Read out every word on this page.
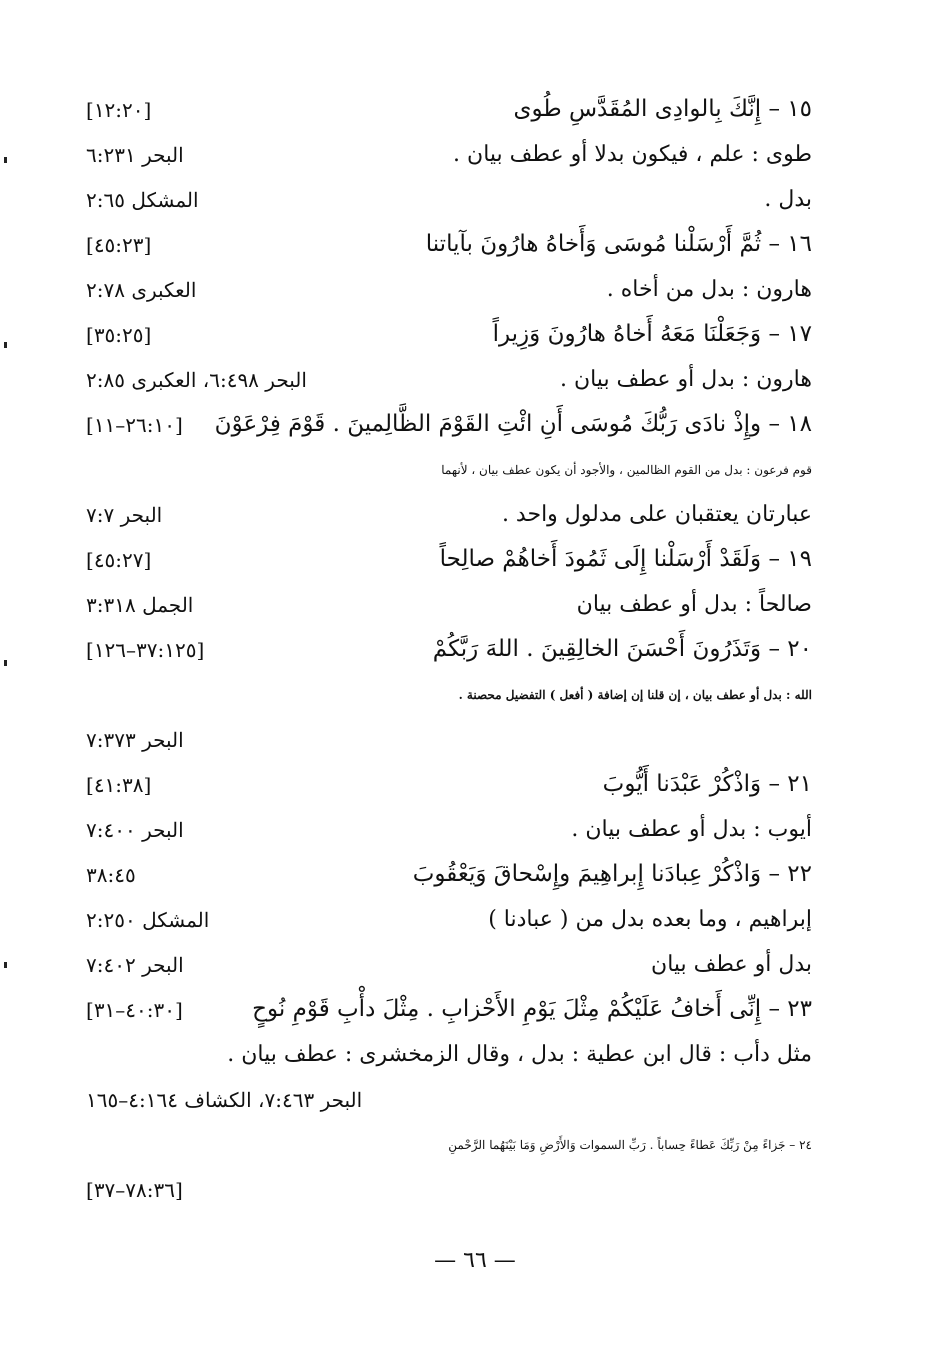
[١٢:٢٠]	١٥ – إِنَّكَ بِالوادِى المُقَدَّسِ طُوى
البحر ٦:٢٣١	طوى : علم ، فيكون بدلا أو عطف بيان .
المشكل ٢:٦٥	بدل .
[٤٥:٢٣]	١٦ – ثُمَّ أَرْسَلْنا مُوسَى وَأَخاهُ هارُونَ بآياتنا
العكبرى ٢:٧٨	هارون : بدل من أخاه .
[٣٥:٢٥]	١٧ – وَجَعَلْنَا مَعَهُ أَخاهُ هارُونَ وَزِيراً
البحر ٦:٤٩٨، العكبرى ٢:٨٥	هارون : بدل أو عطف بيان .
[٢٦:١٠–١١] ١٨ – وإِذْ نادَى رَبُّكَ مُوسَى أَنِ ائْتِ القَوْمَ الظَّالِمينَ . قَوْمَ فِرْعَوْنَ
قوم فرعون : بدل من القوم الظالمين ، والأجود أن يكون عطف بيان ، لأنهما
البحر ٧:٧	عبارتان يعتقبان على مدلول واحد .
[٤٥:٢٧]	١٩ – وَلَقَدْ أَرْسَلْنا إِلَى ثَمُودَ أَخاهُمْ صالِحاً
الجمل ٣:٣١٨	صالحاً : بدل أو عطف بيان
[٣٧:١٢٥–١٢٦]	٢٠ – وَتَذَرُونَ أَحْسَنَ الخالِقِينَ . اللهَ رَبَّكُمْ
الله : بدل أو عطف بيان ، إن قلنا إن إضافة ( أفعل ) التفضيل محصنة .
البحر ٧:٣٧٣
[٤١:٣٨]	٢١ – وَاذْكُرْ عَبْدَنا أَيُّوبَ
البحر ٧:٤٠٠	أيوب : بدل أو عطف بيان .
٣٨:٤٥	٢٢ – وَاذْكُرْ عِبادَنا إِبراهِيمَ وإِسْحاقَ وَيَعْقُوبَ
المشكل ٢:٢٥٠	إبراهيم ، وما بعده بدل من ( عبادنا )
البحر ٧:٤٠٢	بدل أو عطف بيان
[٤٠:٣٠–٣١]	٢٣ – إِنِّى أَخافُ عَلَيْكُمْ مِثْلَ يَوْمِ الأَحْزابِ . مِثْلَ دأْبِ قَوْمِ نُوحٍ
مثل دأب : قال ابن عطية : بدل ، وقال الزمخشرى : عطف بيان .
البحر ٧:٤٦٣، الكشاف ٤:١٦٤–١٦٥
٢٤ – جَزاءً مِنْ رَبِّكَ عَطاءً حِساباً . رَبِّ السموات وَالأَرْضِ وَمَا بَيْنَهُما الرَّحْمنِ
[٧٨:٣٦–٣٧]
— ٦٦ —
